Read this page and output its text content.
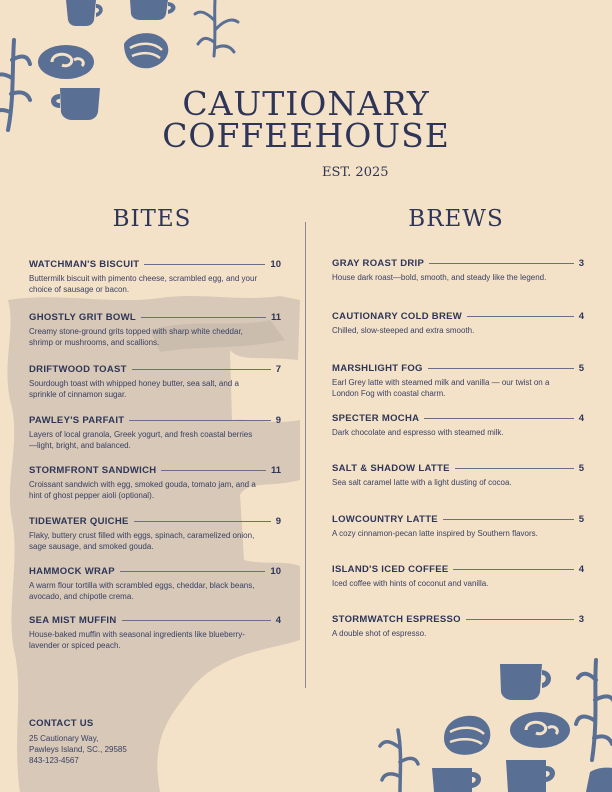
CAUTIONARY
COFFEEHOUSE
EST. 2025
BITES	BREWS
WATCHMAN'S BISCUIT	10
Buttermilk biscuit with pimento cheese, scrambled egg, and your choice of sausage or bacon.
GHOSTLY GRIT BOWL	11
Creamy stone-ground grits topped with sharp white cheddar, shrimp or mushrooms, and scallions.
DRIFTWOOD TOAST	7
Sourdough toast with whipped honey butter, sea salt, and a sprinkle of cinnamon sugar.
PAWLEY'S PARFAIT	9
Layers of local granola, Greek yogurt, and fresh coastal berries—light, bright, and balanced.
STORMFRONT SANDWICH	11
Croissant sandwich with egg, smoked gouda, tomato jam, and a hint of ghost pepper aioli (optional).
TIDEWATER QUICHE	9
Flaky, buttery crust filled with eggs, spinach, caramelized onion, sage sausage, and smoked gouda.
HAMMOCK WRAP	10
A warm flour tortilla with scrambled eggs, cheddar, black beans, avocado, and chipotle crema.
SEA MIST MUFFIN	4
House-baked muffin with seasonal ingredients like blueberry-lavender or spiced peach.
GRAY ROAST DRIP	3
House dark roast—bold, smooth, and steady like the legend.
CAUTIONARY COLD BREW	4
Chilled, slow-steeped and extra smooth.
MARSHLIGHT FOG	5
Earl Grey latte with steamed milk and vanilla — our twist on a London Fog with coastal charm.
SPECTER MOCHA	4
Dark chocolate and espresso with steamed milk.
SALT & SHADOW LATTE	5
Sea salt caramel latte with a light dusting of cocoa.
LOWCOUNTRY LATTE	5
A cozy cinnamon-pecan latte inspired by Southern flavors.
ISLAND'S ICED COFFEE	4
Iced coffee with hints of coconut and vanilla.
STORMWATCH ESPRESSO	3
A double shot of espresso.
CONTACT US
25 Cautionary Way,
Pawleys Island, SC., 29585
843-123-4567
